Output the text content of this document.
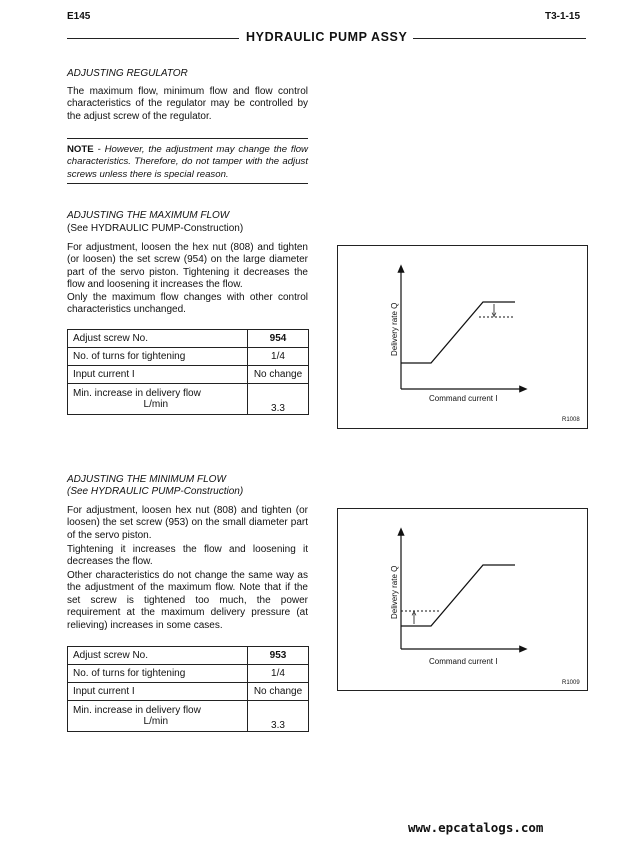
E145	T3-1-15
HYDRAULIC PUMP ASSY
ADJUSTING REGULATOR
The maximum flow, minimum flow and flow control characteristics of the regulator may be controlled by the adjust screw of the regulator.
NOTE - However, the adjustment may change the flow characteristics. Therefore, do not tamper with the adjust screws unless there is special reason.
ADJUSTING THE MAXIMUM FLOW
(See HYDRAULIC PUMP-Construction)
For adjustment, loosen the hex nut (808) and tighten (or loosen) the set screw (954) on the large diameter part of the servo piston. Tightening it decreases the flow and loosening it increases the flow.
Only the maximum flow changes with other control characteristics unchanged.
Adjust screw No.	954
No. of turns for tightening	1/4
Input current I	No change
Min. increase in delivery flow
L/min	3.3
Delivery rate Q
Command current I
R1008
ADJUSTING THE MINIMUM FLOW
(See HYDRAULIC PUMP-Construction)
For adjustment, loosen hex nut (808) and tighten (or loosen) the set screw (953) on the small diameter part of the servo piston.
Tightening it increases the flow and loosening it decreases the flow.
Other characteristics do not change the same way as the adjustment of the maximum flow. Note that if the set screw is tightened too much, the power requirement at the maximum delivery pressure (at relieving) increases in some cases.
Adjust screw No.	953
No. of turns for tightening	1/4
Input current I	No change
Min. increase in delivery flow
L/min	3.3
Delivery rate Q
Command current I
R1009
www.epcatalogs.com
